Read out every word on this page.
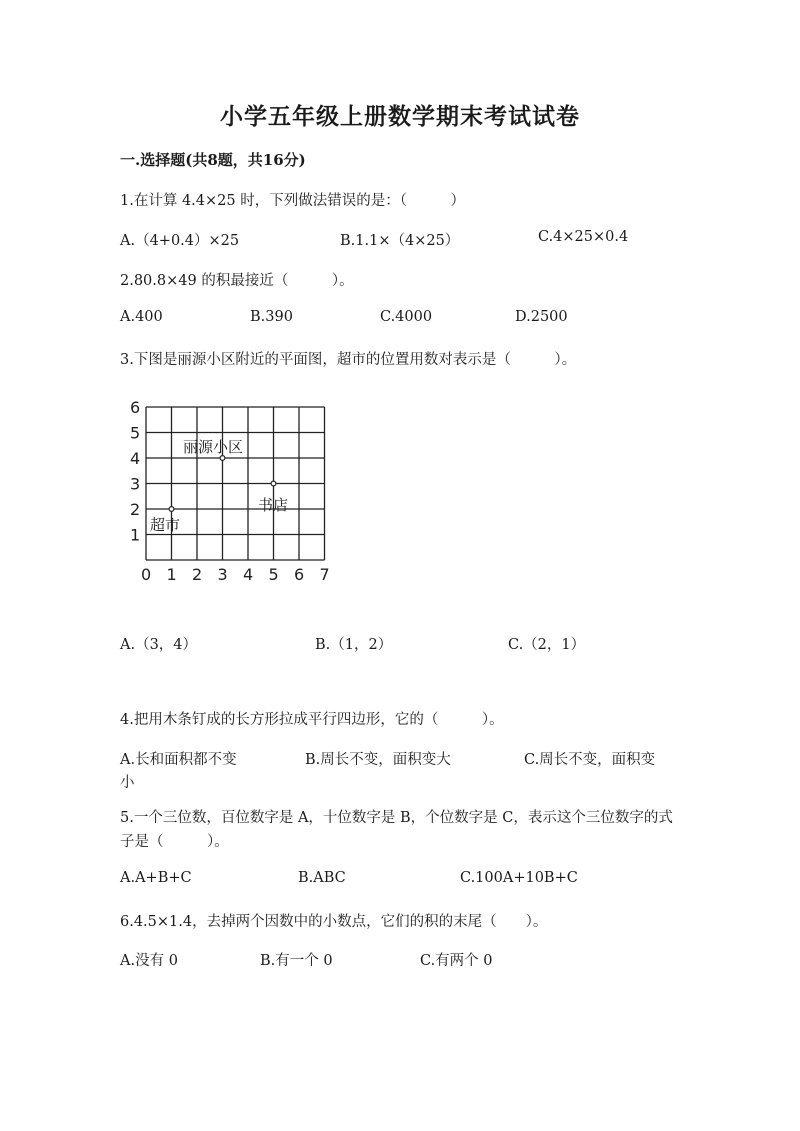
小学五年级上册数学期末考试试卷
一.选择题(共8题，共16分)
1.在计算 4.4×25 时，下列做法错误的是：（　　　）
A.（4+0.4）×25	B.1.1×（4×25）	C.4×25×0.4
2.80.8×49 的积最接近（　　　）。
A.400	B.390	C.4000	D.2500
3.下图是丽源小区附近的平面图，超市的位置用数对表示是（　　　）。
0 1 2 3 4 5 6 7
1
2
3
4
5
6
丽源小区
书店
超市
A.（3，4）	B.（1，2）	C.（2，1）
4.把用木条钉成的长方形拉成平行四边形，它的（　　　）。
A.长和面积都不变	B.周长不变，面积变大	C.周长不变，面积变
小
5.一个三位数，百位数字是 A，十位数字是 B，个位数字是 C，表示这个三位数字的式子是（　　　）。
A.A+B+C	B.ABC	C.100A+10B+C
6.4.5×1.4，去掉两个因数中的小数点，它们的积的末尾（　　）。
A.没有 0	B.有一个 0	C.有两个 0
